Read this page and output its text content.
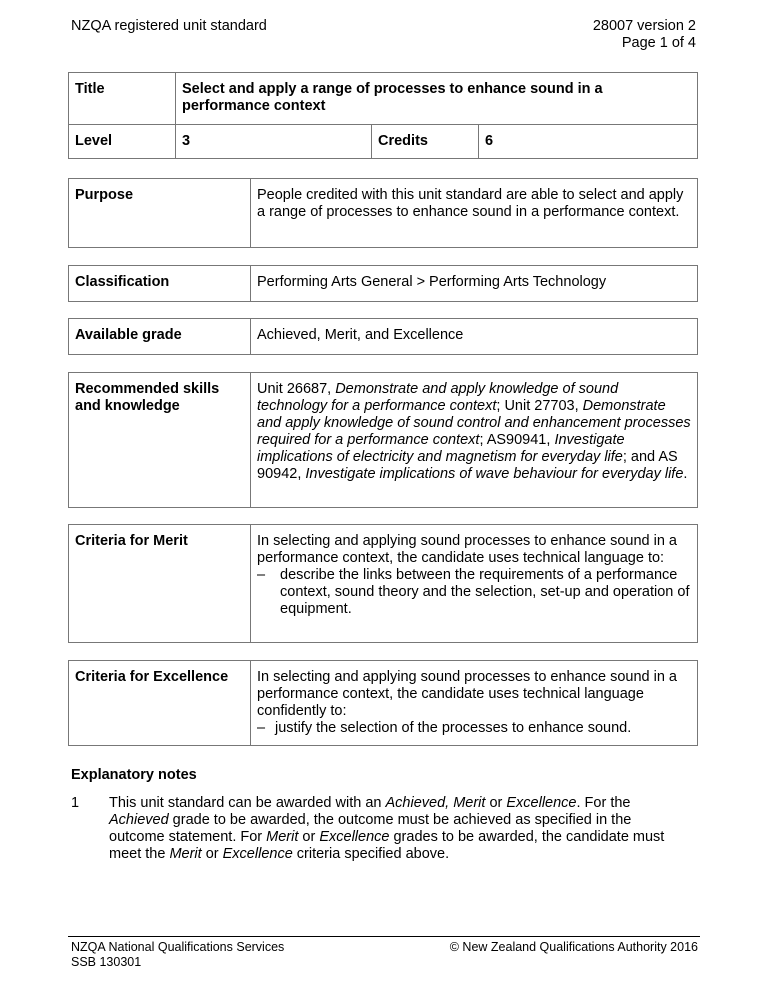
NZQA registered unit standard	28007 version 2
Page 1 of 4
Title	Select and apply a range of processes to enhance sound in a performance context		
Level	3	Credits	6
Purpose	People credited with this unit standard are able to select and apply a range of processes to enhance sound in a performance context.
Classification	Performing Arts General > Performing Arts Technology
Available grade	Achieved, Merit, and Excellence
Recommended skills and knowledge	Unit 26687, Demonstrate and apply knowledge of sound technology for a performance context; Unit 27703, Demonstrate and apply knowledge of sound control and enhancement processes required for a performance context; AS90941, Investigate implications of electricity and magnetism for everyday life; and AS 90942, Investigate implications of wave behaviour for everyday life.
Criteria for Merit	In selecting and applying sound processes to enhance sound in a performance context, the candidate uses technical language to:
–	describe the links between the requirements of a performance context, sound theory and the selection, set-up and operation of equipment.
Criteria for Excellence	In selecting and applying sound processes to enhance sound in a performance context, the candidate uses technical language confidently to:
– justify the selection of the processes to enhance sound.
Explanatory notes
1	This unit standard can be awarded with an Achieved, Merit or Excellence. For the Achieved grade to be awarded, the outcome must be achieved as specified in the outcome statement. For Merit or Excellence grades to be awarded, the candidate must meet the Merit or Excellence criteria specified above.
NZQA National Qualifications Services
SSB 130301
© New Zealand Qualifications Authority 2016
